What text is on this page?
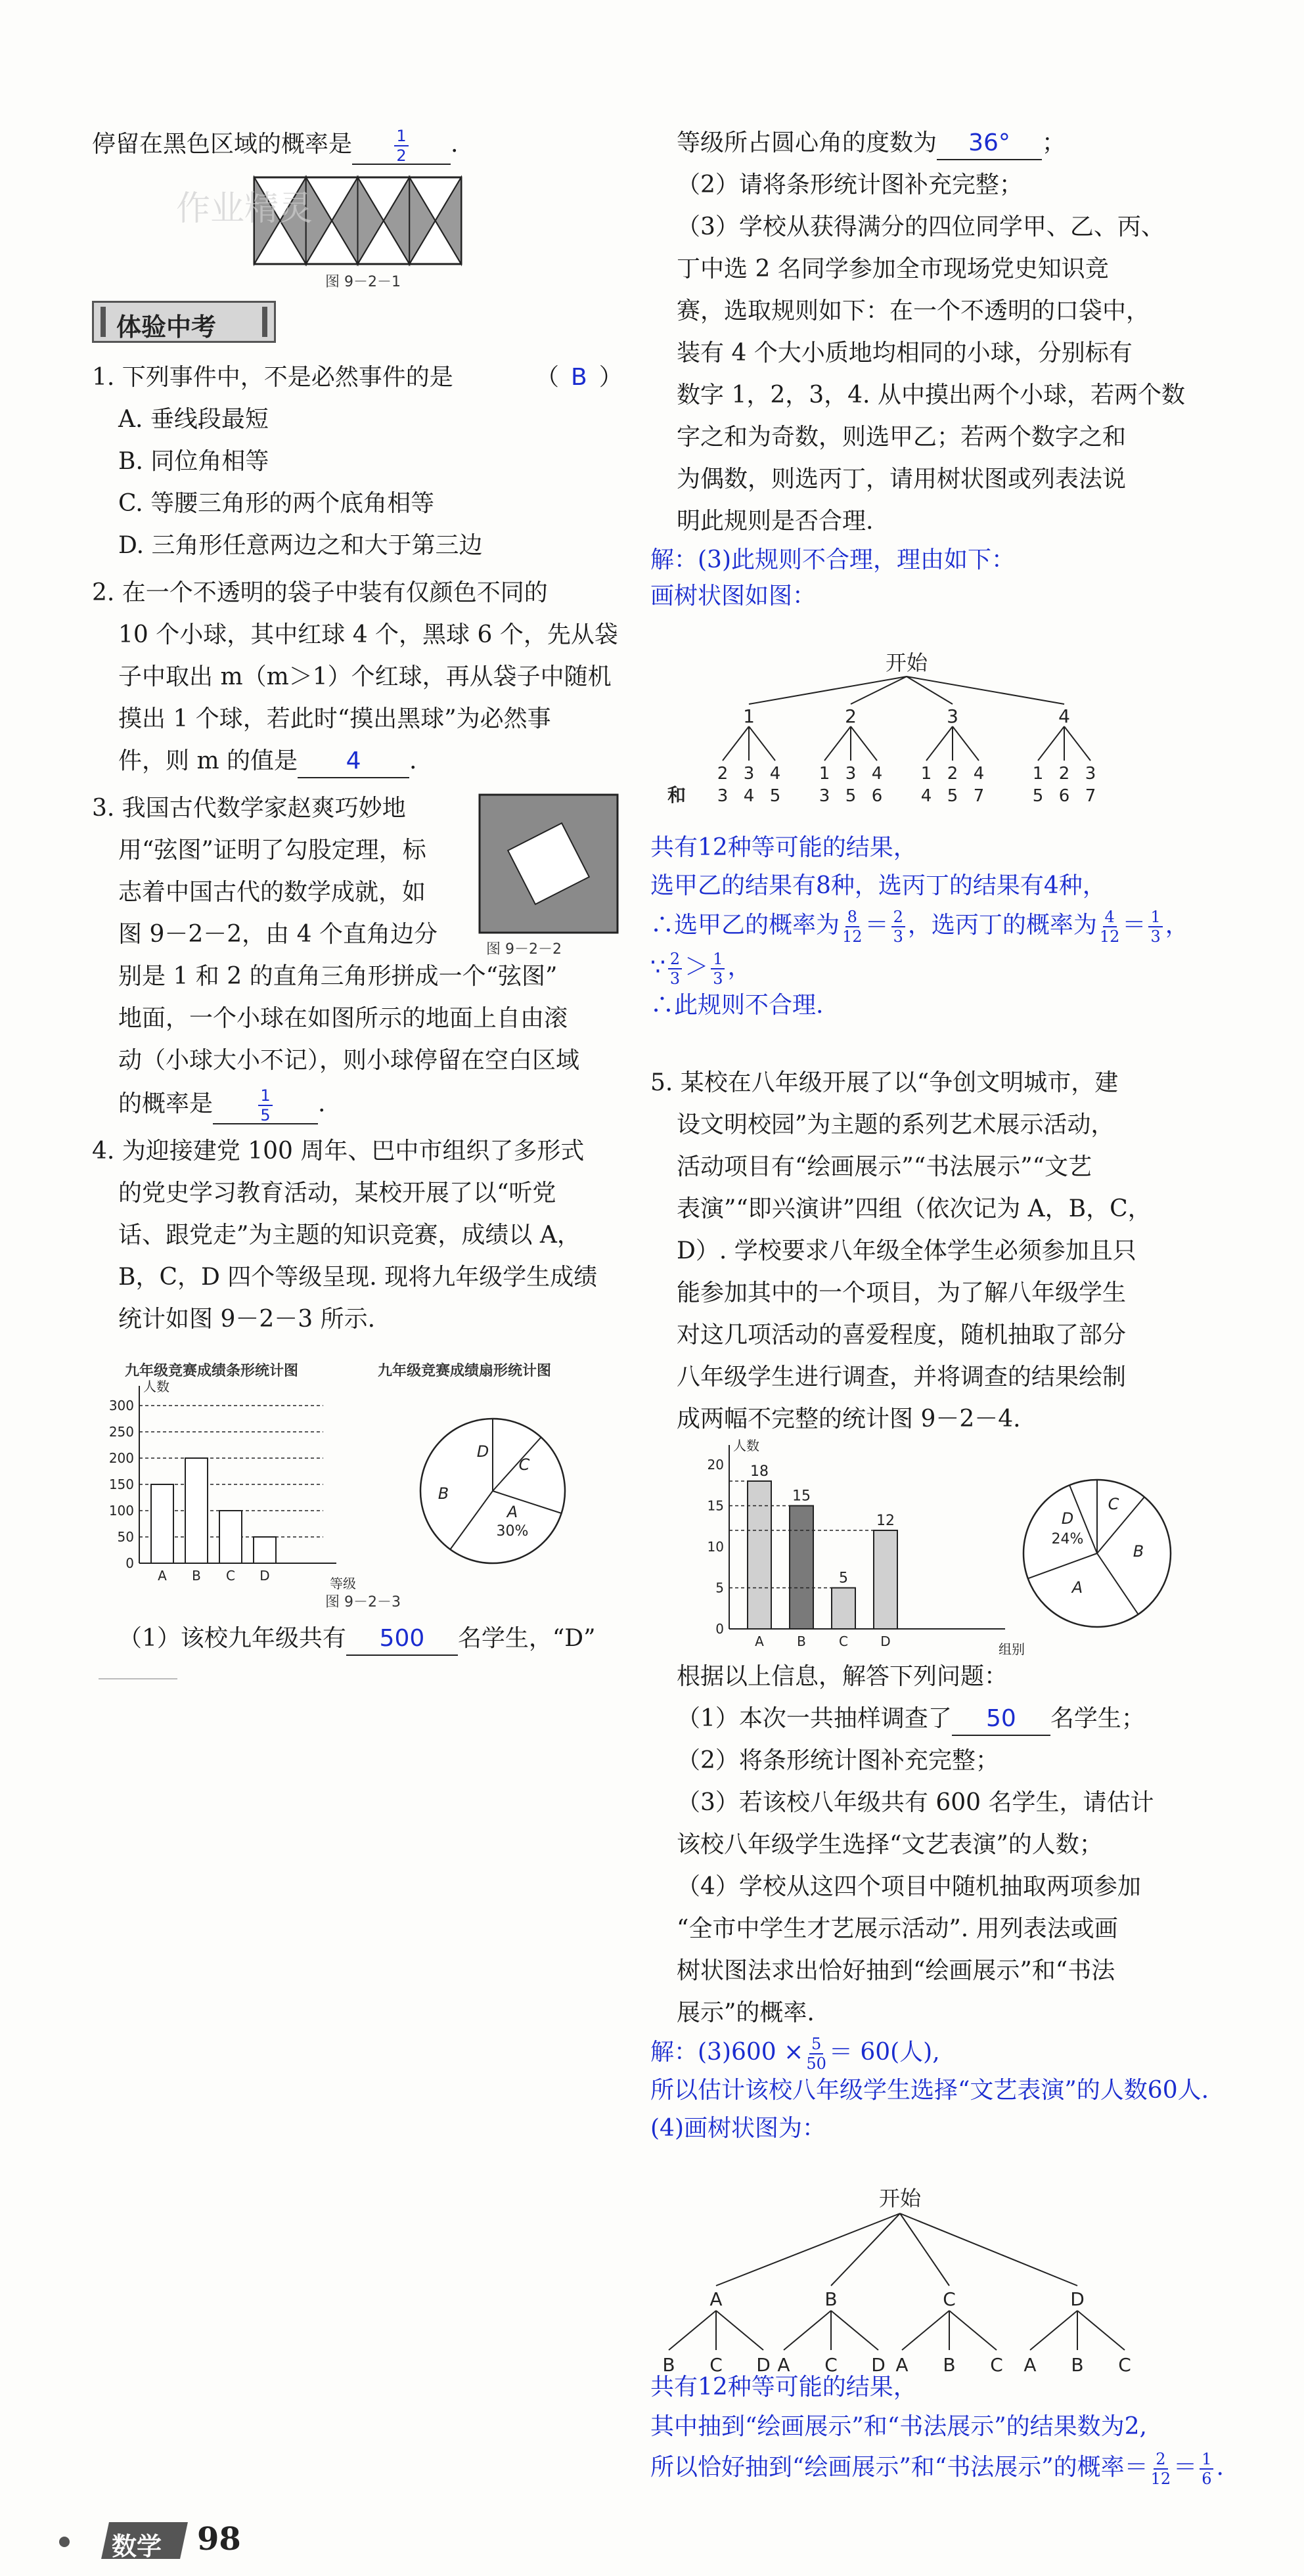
停留在黑色区域的概率是	$\frac{1}{2}$ .
图 9－2－1
作业精灵
体验中考
1. 下列事件中，不是必然事件的是	（ B ）
A. 垂线段最短
B. 同位角相等
C. 等腰三角形的两个底角相等
D. 三角形任意两边之和大于第三边
2. 在一个不透明的袋子中装有仅颜色不同的
10 个小球，其中红球 4 个，黑球 6 个，先从袋
子中取出 m（m＞1）个红球，再从袋子中随机
摸出 1 个球，若此时“摸出黑球”为必然事
件，则 m 的值是 4 .
3. 我国古代数学家赵爽巧妙地
用“弦图”证明了勾股定理，标
志着中国古代的数学成就，如
图 9－2－2，由 4 个直角边分
别是 1 和 2 的直角三角形拼成一个“弦图”
地面，一个小球在如图所示的地面上自由滚
动（小球大小不记），则小球停留在空白区域
的概率是	$\frac{1}{5}$ .
图 9－2－2
4. 为迎接建党 100 周年、巴中市组织了多形式
的党史学习教育活动，某校开展了以“听党
话、跟党走”为主题的知识竞赛，成绩以 A，
B，C，D 四个等级呈现. 现将九年级学生成绩
统计如图 9－2－3 所示.
九年级竞赛成绩条形统计图	九年级竞赛成绩扇形统计图
人数
等级
0
50
100
150
200
250
300
A B C D
A
B
C
D
30%
图 9－2－3
（1）该校九年级共有 500 名学生，“D”
等级所占圆心角的度数为 36° ；
（2）请将条形统计图补充完整；
（3）学校从获得满分的四位同学甲、乙、丙、
丁中选 2 名同学参加全市现场党史知识竞
赛，选取规则如下：在一个不透明的口袋中，
装有 4 个大小质地均相同的小球，分别标有
数字 1，2，3，4. 从中摸出两个小球，若两个数
字之和为奇数，则选甲乙；若两个数字之和
为偶数，则选丙丁，请用树状图或列表法说
明此规则是否合理.
解：(3)此规则不合理，理由如下：
画树状图如图：
开始
1
2
3
3
4
4
5
2
1
3
3
5
4
6
3
1
4
2
5
4
7
4
1
5
2
6
3
7
和
共有12种等可能的结果，
选甲乙的结果有8种，选丙丁的结果有4种，
∴选甲乙的概率为 $\frac{8}{12} = \frac{2}{3}$ ，选丙丁的概率为 $\frac{4}{12} = \frac{1}{3}$ ，
∵ $\frac{2}{3} > \frac{1}{3}$ ，
∴此规则不合理.
5. 某校在八年级开展了以“争创文明城市，建
设文明校园”为主题的系列艺术展示活动，
活动项目有“绘画展示”“书法展示”“文艺
表演”“即兴演讲”四组（依次记为 A，B，C，
D）. 学校要求八年级全体学生必须参加且只
能参加其中的一个项目，为了解八年级学生
对这几项活动的喜爱程度，随机抽取了部分
八年级学生进行调查，并将调查的结果绘制
成两幅不完整的统计图 9－2－4.
人数
组别
0
5
10
15
20
A
18
B
15
C
5
D
12
A
B
C
D
24%
根据以上信息，解答下列问题：
（1）本次一共抽样调查了 50 名学生；
（2）将条形统计图补充完整；
（3）若该校八年级共有 600 名学生，请估计
该校八年级学生选择“文艺表演”的人数；
（4）学校从这四个项目中随机抽取两项参加
“全市中学生才艺展示活动”. 用列表法或画
树状图法求出恰好抽到“绘画展示”和“书法
展示”的概率.
解：$(3)600 \times \frac{5}{50} = 60$(人),
所以估计该校八年级学生选择“文艺表演”的人数60人.
(4)画树状图为：
开始
A
B C D
B
A C D
C
A B C
D
A B C
共有12种等可能的结果，
其中抽到“绘画展示”和“书法展示”的结果数为2,
所以恰好抽到“绘画展示”和“书法展示”的概率＝ $\frac{2}{12} = \frac{1}{6}$ .
数学 98
